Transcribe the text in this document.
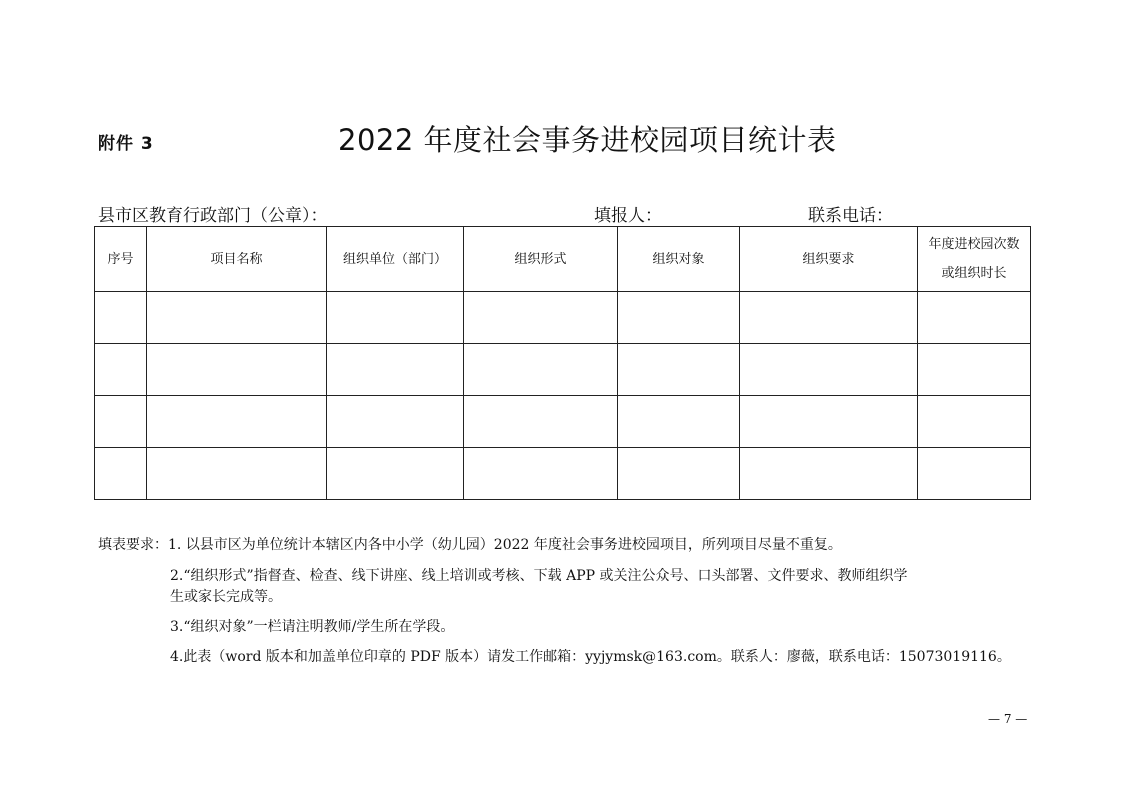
附件 3	2022 年度社会事务进校园项目统计表
县市区教育行政部门（公章）：	填报人：	联系电话：
序号	项目名称	组织单位（部门）	组织形式	组织对象	组织要求	年度进校园次数
或组织时长

填表要求：1. 以县市区为单位统计本辖区内各中小学（幼儿园）2022 年度社会事务进校园项目，所列项目尽量不重复。
2.“组织形式”指督查、检查、线下讲座、线上培训或考核、下载 APP 或关注公众号、口头部署、文件要求、教师组织学
生或家长完成等。
3.“组织对象”一栏请注明教师/学生所在学段。
4.此表（word 版本和加盖单位印章的 PDF 版本）请发工作邮箱：yyjymsk@163.com。联系人：廖薇，联系电话：15073019116。
— 7 —
